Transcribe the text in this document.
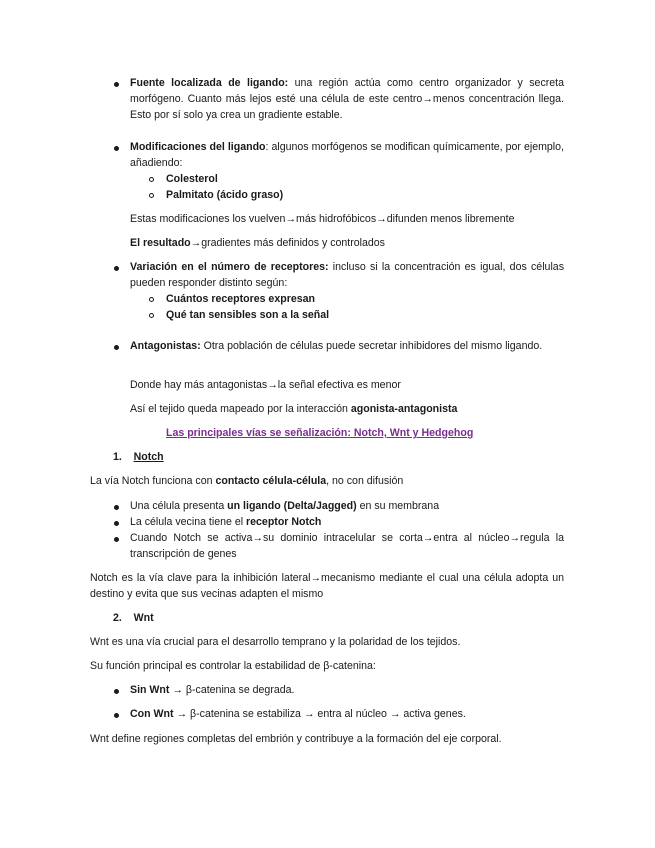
Fuente localizada de ligando: una región actúa como centro organizador y secreta morfógeno. Cuanto más lejos esté una célula de este centro→menos concentración llega. Esto por sí solo ya crea un gradiente estable.
Modificaciones del ligando: algunos morfógenos se modifican químicamente, por ejemplo, añadiendo:
Colesterol
Palmitato (ácido graso)
Estas modificaciones los vuelven→más hidrofóbicos→difunden menos libremente
El resultado→gradientes más definidos y controlados
Variación en el número de receptores: incluso si la concentración es igual, dos células pueden responder distinto según:
Cuántos receptores expresan
Qué tan sensibles son a la señal
Antagonistas: Otra población de células puede secretar inhibidores del mismo ligando.
Donde hay más antagonistas→la señal efectiva es menor
Así el tejido queda mapeado por la interacción agonista-antagonista
Las principales vías se señalización: Notch, Wnt y Hedgehog
1. Notch
La vía Notch funciona con contacto célula-célula, no con difusión
Una célula presenta un ligando (Delta/Jagged) en su membrana
La célula vecina tiene el receptor Notch
Cuando Notch se activa→su dominio intracelular se corta→entra al núcleo→regula la transcripción de genes
Notch es la vía clave para la inhibición lateral→mecanismo mediante el cual una célula adopta un destino y evita que sus vecinas adapten el mismo
2. Wnt
Wnt es una vía crucial para el desarrollo temprano y la polaridad de los tejidos.
Su función principal es controlar la estabilidad de β-catenina:
Sin Wnt → β-catenina se degrada.
Con Wnt → β-catenina se estabiliza → entra al núcleo → activa genes.
Wnt define regiones completas del embrión y contribuye a la formación del eje corporal.
